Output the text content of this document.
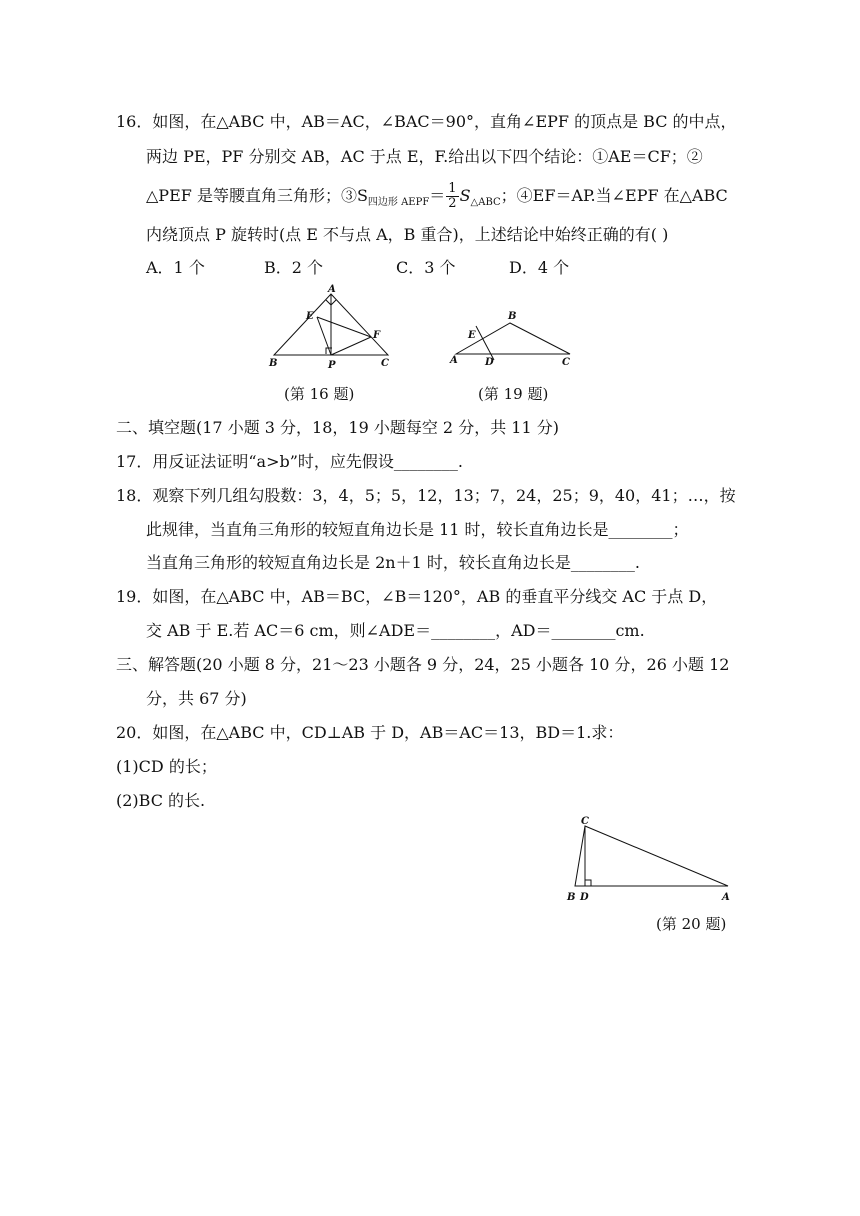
16．如图，在△ABC 中，AB＝AC，∠BAC＝90°，直角∠EPF 的顶点是 BC 的中点，
两边 PE，PF 分别交 AB，AC 于点 E，F.给出以下四个结论：①AE＝CF；②
△PEF 是等腰直角三角形；$③S_{四边形 AEPF}= \frac{1}{2} S_{\triangle ABC}$；④EF＝AP.当∠EPF 在△ABC
内绕顶点 P 旋转时(点 E 不与点 A，B 重合)，上述结论中始终正确的有( )
A．1 个	B．2 个	C．3 个	D．4 个
A
B	C
E
F
P
(第 16 题)
B
A	C
D
E
(第 19 题)
二、填空题(17 小题 3 分，18，19 小题每空 2 分，共 11 分)
17．用反证法证明“a>b”时，应先假设________.
18．观察下列几组勾股数：3，4，5；5，12，13；7，24，25；9，40，41；…，按
此规律，当直角三角形的较短直角边长是 11 时，较长直角边长是________；
当直角三角形的较短直角边长是 2n＋1 时，较长直角边长是________.
19．如图，在△ABC 中，AB＝BC，∠B＝120°，AB 的垂直平分线交 AC 于点 D，
交 AB 于 E.若 AC＝6 cm，则∠ADE＝________，AD＝________cm.
三、解答题(20 小题 8 分，21～23 小题各 9 分，24，25 小题各 10 分，26 小题 12
分，共 67 分)
20．如图，在△ABC 中，CD⊥AB 于 D，AB＝AC＝13，BD＝1.求：
(1)CD 的长；
(2)BC 的长.
C
B D	A
(第 20 题)
